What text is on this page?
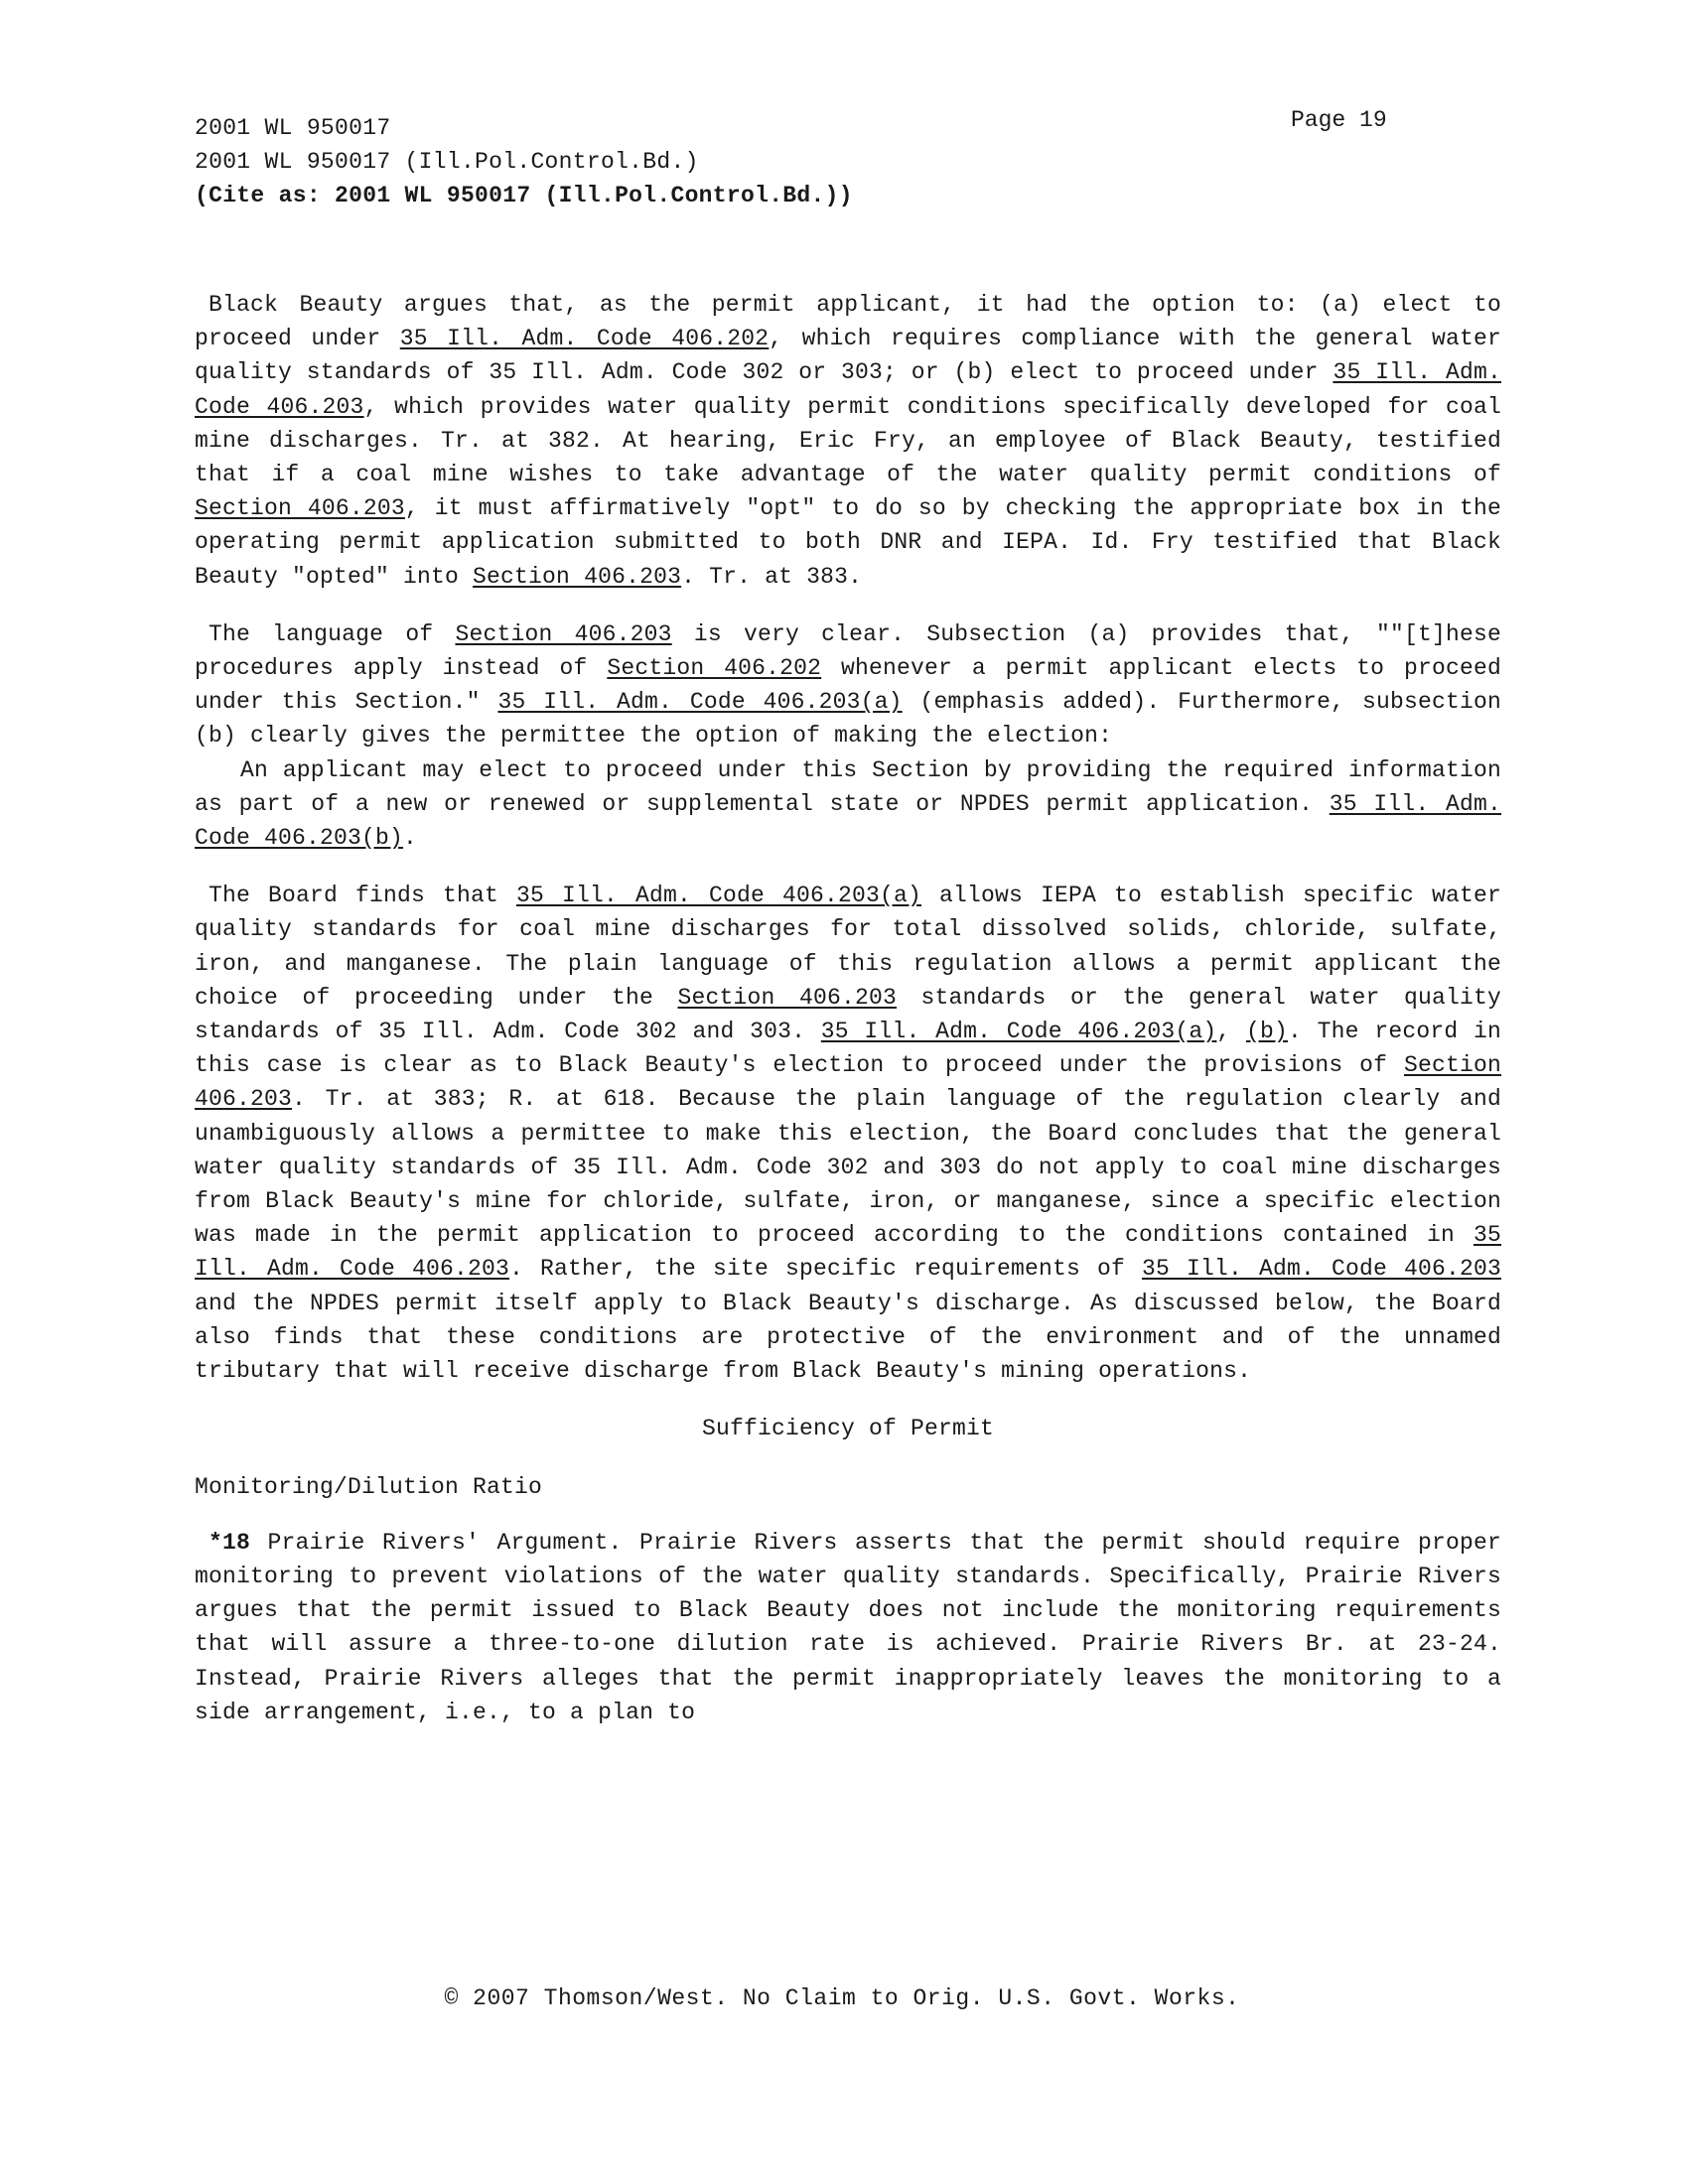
2001 WL 950017
2001 WL 950017 (Ill.Pol.Control.Bd.)
(Cite as: 2001 WL 950017 (Ill.Pol.Control.Bd.))
Page 19

Black Beauty argues that, as the permit applicant, it had the option to: (a) elect to proceed under 35 Ill. Adm. Code 406.202, which requires compliance with the general water quality standards of 35 Ill. Adm. Code 302 or 303; or (b) elect to proceed under 35 Ill. Adm. Code 406.203, which provides water quality permit conditions specifically developed for coal mine discharges. Tr. at 382. At hearing, Eric Fry, an employee of Black Beauty, testified that if a coal mine wishes to take advantage of the water quality permit conditions of Section 406.203, it must affirmatively "opt" to do so by checking the appropriate box in the operating permit application submitted to both DNR and IEPA. Id. Fry testified that Black Beauty "opted" into Section 406.203. Tr. at 383.

The language of Section 406.203 is very clear. Subsection (a) provides that, ""[t]hese procedures apply instead of Section 406.202 whenever a permit applicant elects to proceed under this Section." 35 Ill. Adm. Code 406.203(a) (emphasis added). Furthermore, subsection (b) clearly gives the permittee the option of making the election:

An applicant may elect to proceed under this Section by providing the required information as part of a new or renewed or supplemental state or NPDES permit application. 35 Ill. Adm. Code 406.203(b).

The Board finds that 35 Ill. Adm. Code 406.203(a) allows IEPA to establish specific water quality standards for coal mine discharges for total dissolved solids, chloride, sulfate, iron, and manganese. The plain language of this regulation allows a permit applicant the choice of proceeding under the Section 406.203 standards or the general water quality standards of 35 Ill. Adm. Code 302 and 303. 35 Ill. Adm. Code 406.203(a), (b). The record in this case is clear as to Black Beauty's election to proceed under the provisions of Section 406.203. Tr. at 383; R. at 618. Because the plain language of the regulation clearly and unambiguously allows a permittee to make this election, the Board concludes that the general water quality standards of 35 Ill. Adm. Code 302 and 303 do not apply to coal mine discharges from Black Beauty's mine for chloride, sulfate, iron, or manganese, since a specific election was made in the permit application to proceed according to the conditions contained in 35 Ill. Adm. Code 406.203. Rather, the site specific requirements of 35 Ill. Adm. Code 406.203 and the NPDES permit itself apply to Black Beauty's discharge. As discussed below, the Board also finds that these conditions are protective of the environment and of the unnamed tributary that will receive discharge from Black Beauty's mining operations.

Sufficiency of Permit
Monitoring/Dilution Ratio

*18 Prairie Rivers' Argument. Prairie Rivers asserts that the permit should require proper monitoring to prevent violations of the water quality standards. Specifically, Prairie Rivers argues that the permit issued to Black Beauty does not include the monitoring requirements that will assure a three-to-one dilution rate is achieved. Prairie Rivers Br. at 23-24. Instead, Prairie Rivers alleges that the permit inappropriately leaves the monitoring to a side arrangement, i.e., to a plan to

© 2007 Thomson/West. No Claim to Orig. U.S. Govt. Works.
